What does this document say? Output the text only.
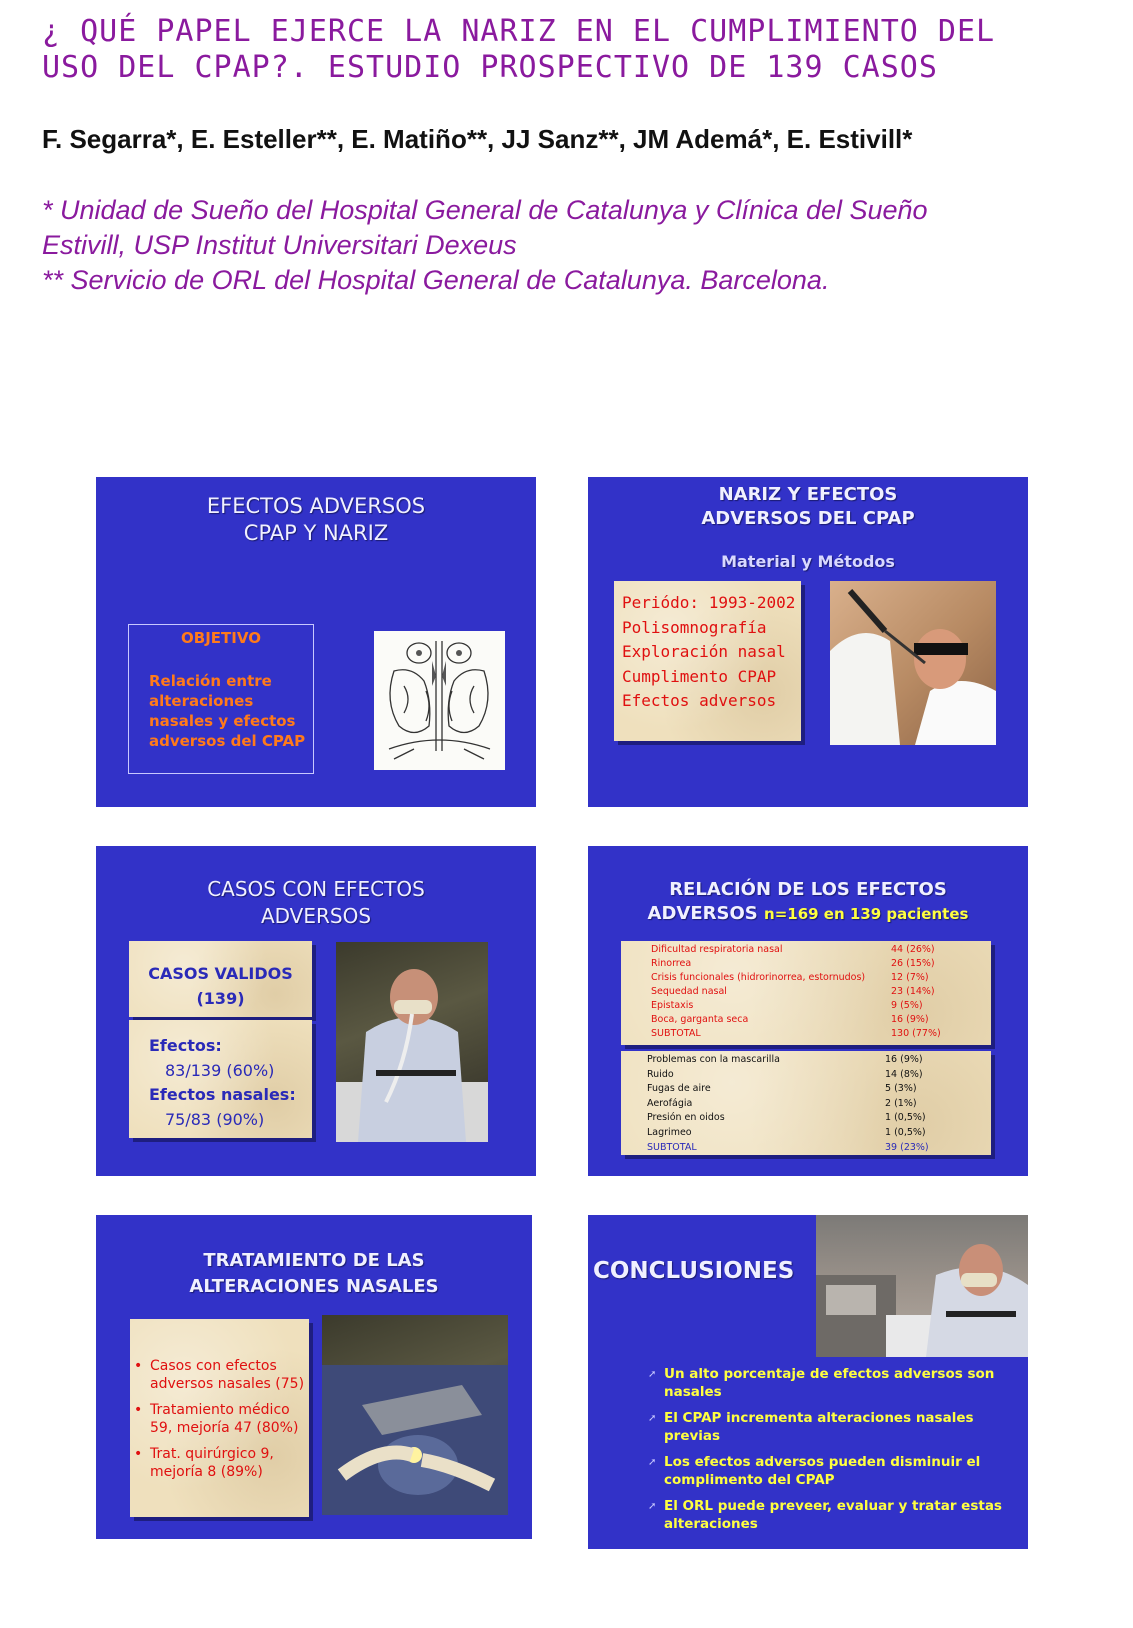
¿ QUÉ PAPEL EJERCE LA NARIZ EN EL CUMPLIMIENTO DEL
USO DEL CPAP?. ESTUDIO PROSPECTIVO DE 139 CASOS
F. Segarra*, E. Esteller**, E. Matiño**, JJ Sanz**, JM Ademá*, E. Estivill*
* Unidad de Sueño del Hospital General de Catalunya y Clínica del Sueño
Estivill, USP Institut Universitari Dexeus
** Servicio de ORL del Hospital General de Catalunya. Barcelona.
EFECTOS ADVERSOS
CPAP Y NARIZ
OBJETIVO
Relación entre
alteraciones
nasales y efectos
adversos del CPAP
NARIZ Y EFECTOS
ADVERSOS DEL CPAP
Material y Métodos
Periódo: 1993-2002
Polisomnografía
Exploración nasal
Cumplimento CPAP
Efectos adversos
CASOS CON EFECTOS
ADVERSOS
CASOS VALIDOS
(139)
Efectos:
83/139 (60%)
Efectos nasales:
75/83 (90%)
RELACIÓN DE LOS EFECTOS
ADVERSOS n=169 en 139 pacientes
Dificultad respiratoria nasal	44 (26%)
Rinorrea	26 (15%)
Crisis funcionales (hidrorinorrea, estornudos)	12 (7%)
Sequedad nasal	23 (14%)
Epistaxis	9 (5%)
Boca, garganta seca	16 (9%)
SUBTOTAL	130 (77%)
Problemas con la mascarilla	16 (9%)
Ruido	14 (8%)
Fugas de aire	5 (3%)
Aerofágia	2 (1%)
Presión en oidos	1 (0,5%)
Lagrimeo	1 (0,5%)
SUBTOTAL	39 (23%)
TRATAMIENTO DE LAS
ALTERACIONES NASALES
• Casos con efectos
adversos nasales (75)
• Tratamiento médico
59, mejoría 47 (80%)
• Trat. quirúrgico 9,
mejoría 8 (89%)
CONCLUSIONES
➚ Un alto porcentaje de efectos adversos son
nasales
➚ El CPAP incrementa alteraciones nasales
previas
➚ Los efectos adversos pueden disminuir el
complimento del CPAP
➚ El ORL puede preveer, evaluar y tratar estas
alteraciones
